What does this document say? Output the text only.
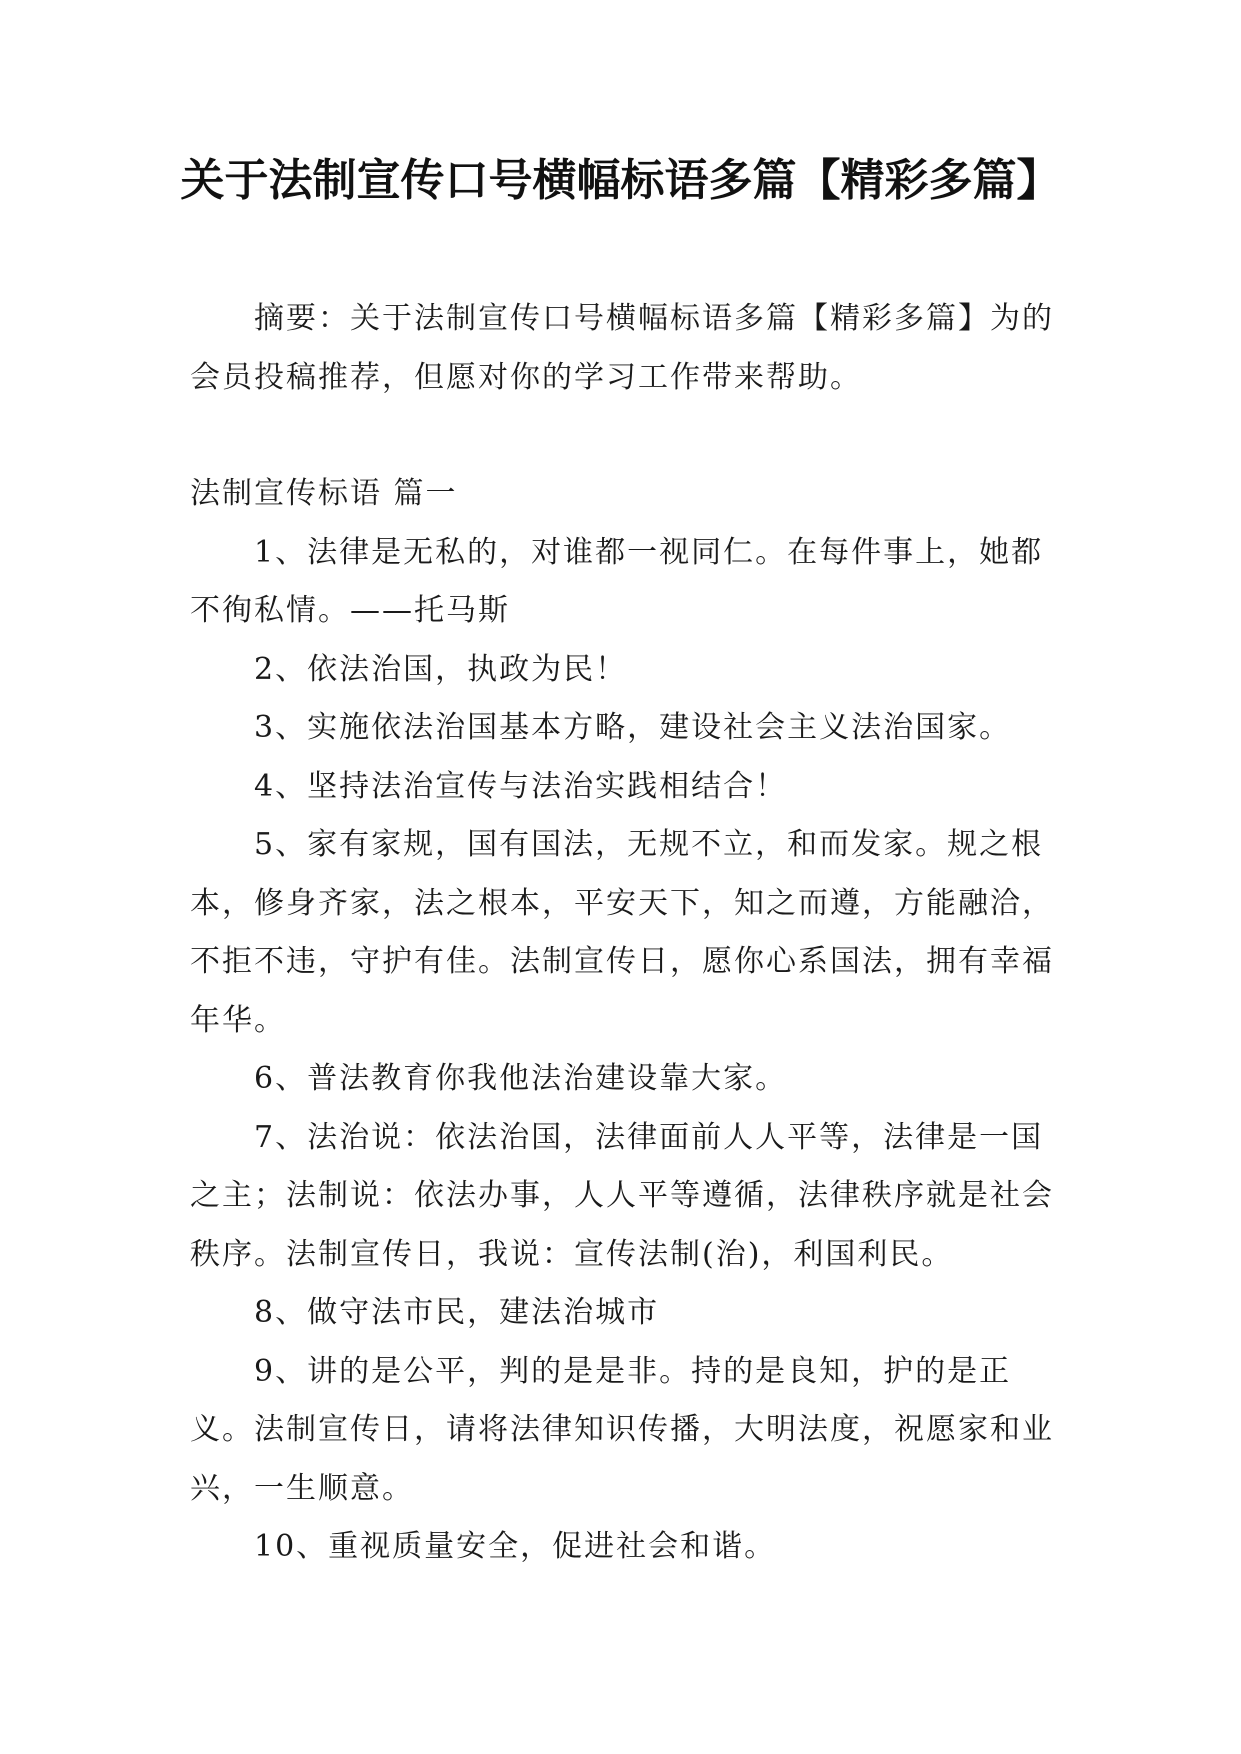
关于法制宣传口号横幅标语多篇【精彩多篇】

摘要：关于法制宣传口号横幅标语多篇【精彩多篇】为的会员投稿推荐，但愿对你的学习工作带来帮助。

法制宣传标语 篇一

1、法律是无私的，对谁都一视同仁。在每件事上，她都不徇私情。——托马斯

2、依法治国，执政为民！

3、实施依法治国基本方略，建设社会主义法治国家。

4、坚持法治宣传与法治实践相结合！

5、家有家规，国有国法，无规不立，和而发家。规之根本，修身齐家，法之根本，平安天下，知之而遵，方能融洽，不拒不违，守护有佳。法制宣传日，愿你心系国法，拥有幸福年华。

6、普法教育你我他法治建设靠大家。

7、法治说：依法治国，法律面前人人平等，法律是一国之主；法制说：依法办事，人人平等遵循，法律秩序就是社会秩序。法制宣传日，我说：宣传法制(治)，利国利民。

8、做守法市民，建法治城市

9、讲的是公平，判的是是非。持的是良知，护的是正义。法制宣传日，请将法律知识传播，大明法度，祝愿家和业兴，一生顺意。

10、重视质量安全，促进社会和谐。
